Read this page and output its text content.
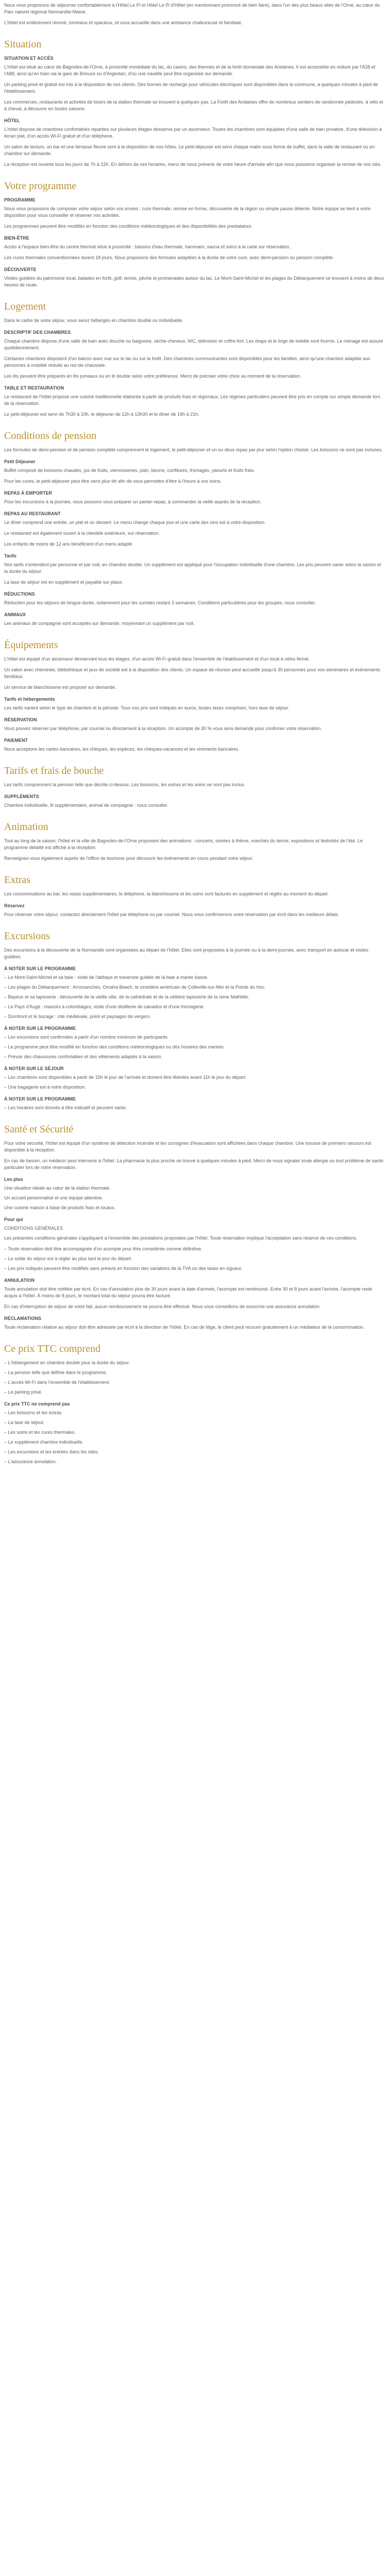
Nous vous proposons de séjourner confortablement à l'Hôtel Le Pi et Hôtel Le Pi d'Hôtel (en mentionnant prononcé de bien faire), dans l'un des plus beaux sites de l'Orne, au cœur du Parc naturel régional Normandie-Maine.

L'hôtel est entièrement rénové, lumineux et spacieux, et vous accueille dans une ambiance chaleureuse et familiale.

Situation
SITUATION ET ACCÈS

L'hôtel est situé au cœur de Bagnoles-de-l'Orne, à proximité immédiate du lac, du casino, des thermes et de la forêt domaniale des Andaines. Il est accessible en voiture par l'A28 et l'A88, ainsi qu'en train via la gare de Briouze ou d'Argentan, d'où une navette peut être organisée sur demande.

Un parking privé et gratuit est mis à la disposition de nos clients. Des bornes de recharge pour véhicules électriques sont disponibles dans la commune, à quelques minutes à pied de l'établissement.

Les commerces, restaurants et activités de loisirs de la station thermale se trouvent à quelques pas. La Forêt des Andaines offre de nombreux sentiers de randonnée pédestre, à vélo et à cheval, à découvrir en toutes saisons.

HÔTEL

L'hôtel dispose de chambres confortables réparties sur plusieurs étages desservis par un ascenseur. Toutes les chambres sont équipées d'une salle de bain privative, d'une télévision à écran plat, d'un accès Wi-Fi gratuit et d'un téléphone.

Un salon de lecture, un bar et une terrasse fleurie sont à la disposition de nos hôtes. Le petit-déjeuner est servi chaque matin sous forme de buffet, dans la salle de restaurant ou en chambre sur demande.

La réception est ouverte tous les jours de 7h à 22h. En dehors de ces horaires, merci de nous prévenir de votre heure d'arrivée afin que nous puissions organiser la remise de vos clés.

Votre programme
PROGRAMME

Nous vous proposons de composer votre séjour selon vos envies : cure thermale, remise en forme, découverte de la région ou simple pause détente. Notre équipe se tient à votre disposition pour vous conseiller et réserver vos activités.

Les programmes peuvent être modifiés en fonction des conditions météorologiques et des disponibilités des prestataires.

BIEN-ÊTRE

Accès à l'espace bien-être du centre thermal situé à proximité : bassins d'eau thermale, hammam, sauna et soins à la carte sur réservation.

Les cures thermales conventionnées durent 18 jours. Nous proposons des formules adaptées à la durée de votre cure, avec demi-pension ou pension complète.

DÉCOUVERTE

Visites guidées du patrimoine local, balades en forêt, golf, tennis, pêche et promenades autour du lac. Le Mont-Saint-Michel et les plages du Débarquement se trouvent à moins de deux heures de route.

Logement

Dans le cadre de votre séjour, vous serez hébergés en chambre double ou individuelle.

DESCRIPTIF DES CHAMBRES

Chaque chambre dispose d'une salle de bain avec douche ou baignoire, sèche-cheveux, WC, télévision et coffre-fort. Les draps et le linge de toilette sont fournis. Le ménage est assuré quotidiennement.

Certaines chambres disposent d'un balcon avec vue sur le lac ou sur la forêt. Des chambres communicantes sont disponibles pour les familles, ainsi qu'une chambre adaptée aux personnes à mobilité réduite au rez-de-chaussée.

Les lits peuvent être préparés en lits jumeaux ou en lit double selon votre préférence. Merci de préciser votre choix au moment de la réservation.

TABLE ET RESTAURATION

Le restaurant de l'hôtel propose une cuisine traditionnelle élaborée à partir de produits frais et régionaux. Les régimes particuliers peuvent être pris en compte sur simple demande lors de la réservation.

Le petit-déjeuner est servi de 7h30 à 10h, le déjeuner de 12h à 13h30 et le dîner de 19h à 21h.

Conditions de pension

Les formules de demi-pension et de pension complète comprennent le logement, le petit-déjeuner et un ou deux repas par jour selon l'option choisie. Les boissons ne sont pas incluses.

Petit Déjeuner

Buffet composé de boissons chaudes, jus de fruits, viennoiseries, pain, beurre, confitures, fromages, yaourts et fruits frais.

Pour les cures, le petit-déjeuner peut être servi plus tôt afin de vous permettre d'être à l'heure à vos soins.

REPAS À EMPORTER

Pour les excursions à la journée, nous pouvons vous préparer un panier-repas, à commander la veille auprès de la réception.

REPAS AU RESTAURANT

Le dîner comprend une entrée, un plat et un dessert. Le menu change chaque jour et une carte des vins est à votre disposition.

Le restaurant est également ouvert à la clientèle extérieure, sur réservation.

Les enfants de moins de 12 ans bénéficient d'un menu adapté.

Tarifs

Nos tarifs s'entendent par personne et par nuit, en chambre double. Un supplément est appliqué pour l'occupation individuelle d'une chambre. Les prix peuvent varier selon la saison et la durée du séjour.

La taxe de séjour est en supplément et payable sur place.

RÉDUCTIONS

Réduction pour les séjours de longue durée, notamment pour les curistes restant 3 semaines. Conditions particulières pour les groupes, nous consulter.

ANIMAUX

Les animaux de compagnie sont acceptés sur demande, moyennant un supplément par nuit.

Équipements

L'hôtel est équipé d'un ascenseur desservant tous les étages, d'un accès Wi-Fi gratuit dans l'ensemble de l'établissement et d'un local à vélos fermé.

Un salon avec cheminée, bibliothèque et jeux de société est à la disposition des clients. Un espace de réunion peut accueillir jusqu'à 30 personnes pour vos séminaires et événements familiaux.

Un service de blanchisserie est proposé sur demande.

Tarifs et hébergements

Les tarifs varient selon le type de chambre et la période. Tous nos prix sont indiqués en euros, toutes taxes comprises, hors taxe de séjour.

RÉSERVATION

Vous pouvez réserver par téléphone, par courriel ou directement à la réception. Un acompte de 30 % vous sera demandé pour confirmer votre réservation.

PAIEMENT

Nous acceptons les cartes bancaires, les chèques, les espèces, les chèques-vacances et les virements bancaires.

Tarifs et frais de bouche

Les tarifs comprennent la pension telle que décrite ci-dessus. Les boissons, les extras et les soins ne sont pas inclus.

SUPPLÉMENTS

Chambre individuelle, lit supplémentaire, animal de compagnie : nous consulter.

Animation

Tout au long de la saison, l'hôtel et la ville de Bagnoles-de-l'Orne proposent des animations : concerts, soirées à thème, marchés du terroir, expositions et festivités de l'été. Le programme détaillé est affiché à la réception.

Renseignez-vous également auprès de l'office de tourisme pour découvrir les événements en cours pendant votre séjour.

Extras

Les consommations au bar, les repas supplémentaires, le téléphone, la blanchisserie et les soins sont facturés en supplément et réglés au moment du départ.

Réservez

Pour réserver votre séjour, contactez directement l'hôtel par téléphone ou par courriel. Nous vous confirmerons votre réservation par écrit dans les meilleurs délais.

Excursions

Des excursions à la découverte de la Normandie sont organisées au départ de l'hôtel. Elles sont proposées à la journée ou à la demi-journée, avec transport en autocar et visites guidées.

À NOTER SUR LE PROGRAMME

– Le Mont-Saint-Michel et sa baie : visite de l'abbaye et traversée guidée de la baie à marée basse.

– Les plages du Débarquement : Arromanches, Omaha Beach, le cimetière américain de Colleville-sur-Mer et la Pointe du Hoc.

– Bayeux et sa tapisserie : découverte de la vieille ville, de la cathédrale et de la célèbre tapisserie de la reine Mathilde.

– Le Pays d'Auge : manoirs à colombages, visite d'une distillerie de calvados et d'une fromagerie.

– Domfront et le bocage : cité médiévale, poiré et paysages de vergers.

À NOTER SUR LE PROGRAMME

– Les excursions sont confirmées à partir d'un nombre minimum de participants.

– Le programme peut être modifié en fonction des conditions météorologiques ou des horaires des marées.

– Prévoir des chaussures confortables et des vêtements adaptés à la saison.

À NOTER SUR LE SÉJOUR

– Les chambres sont disponibles à partir de 15h le jour de l'arrivée et doivent être libérées avant 11h le jour du départ.

– Une bagagerie est à votre disposition.

À NOTER SUR LE PROGRAMME

– Les horaires sont donnés à titre indicatif et peuvent varier.

Santé et Sécurité

Pour votre sécurité, l'hôtel est équipé d'un système de détection incendie et les consignes d'évacuation sont affichées dans chaque chambre. Une trousse de premiers secours est disponible à la réception.

En cas de besoin, un médecin peut intervenir à l'hôtel. La pharmacie la plus proche se trouve à quelques minutes à pied. Merci de nous signaler toute allergie ou tout problème de santé particulier lors de votre réservation.

Les plus

Une situation idéale au cœur de la station thermale.

Un accueil personnalisé et une équipe attentive.

Une cuisine maison à base de produits frais et locaux.

Pour qui

CONDITIONS GÉNÉRALES

Les présentes conditions générales s'appliquent à l'ensemble des prestations proposées par l'hôtel. Toute réservation implique l'acceptation sans réserve de ces conditions.

– Toute réservation doit être accompagnée d'un acompte pour être considérée comme définitive.

– Le solde du séjour est à régler au plus tard le jour du départ.

– Les prix indiqués peuvent être modifiés sans préavis en fonction des variations de la TVA ou des taxes en vigueur.

ANNULATION

Toute annulation doit être notifiée par écrit. En cas d'annulation plus de 30 jours avant la date d'arrivée, l'acompte est remboursé. Entre 30 et 8 jours avant l'arrivée, l'acompte reste acquis à l'hôtel. À moins de 8 jours, le montant total du séjour pourra être facturé.

En cas d'interruption de séjour de votre fait, aucun remboursement ne pourra être effectué. Nous vous conseillons de souscrire une assurance annulation.

RÉCLAMATIONS

Toute réclamation relative au séjour doit être adressée par écrit à la direction de l'hôtel. En cas de litige, le client peut recourir gratuitement à un médiateur de la consommation.

Ce prix TTC comprend

– L'hébergement en chambre double pour la durée du séjour.

– La pension telle que définie dans le programme.

– L'accès Wi-Fi dans l'ensemble de l'établissement.

– Le parking privé.

Ce prix TTC ne comprend pas

– Les boissons et les extras.

– La taxe de séjour.

– Les soins et les cures thermales.

– Le supplément chambre individuelle.

– Les excursions et les entrées dans les sites.

– L'assurance annulation.
